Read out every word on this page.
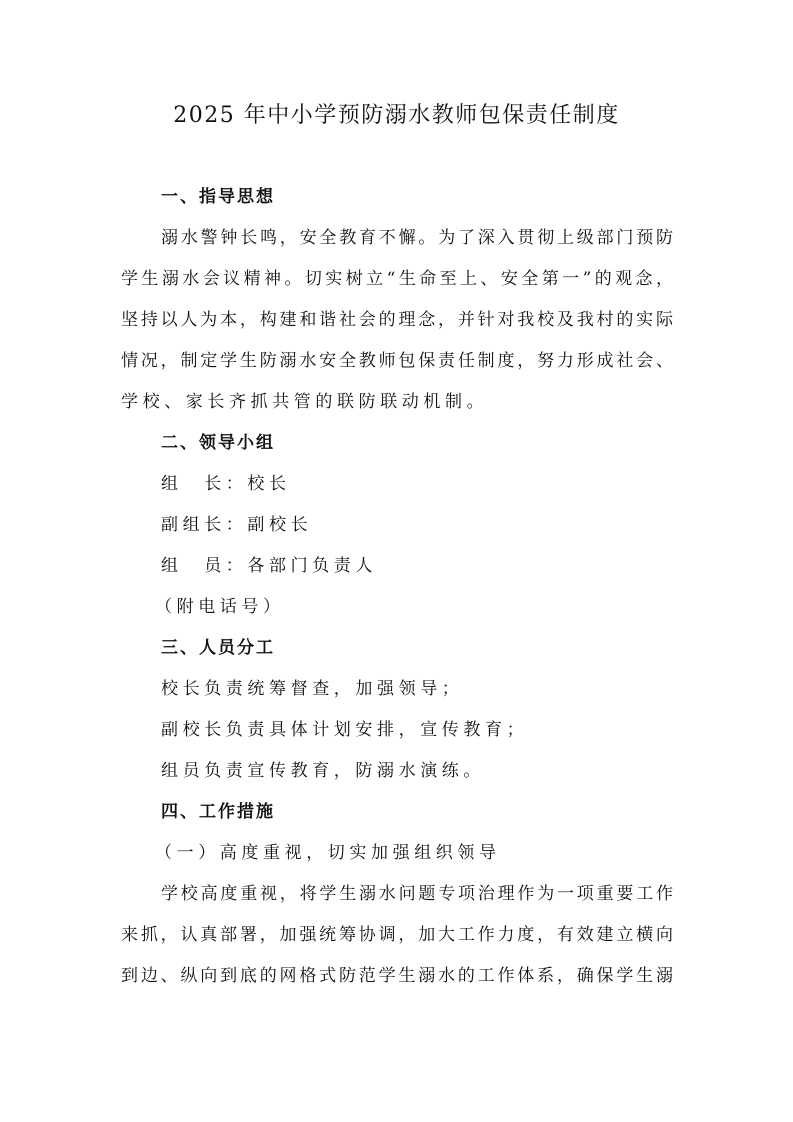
2025 年中小学预防溺水教师包保责任制度
一、指导思想
溺水警钟长鸣，安全教育不懈。为了深入贯彻上级部门预防
学生溺水会议精神。切实树立“生命至上、安全第一”的观念，
坚持以人为本，构建和谐社会的理念，并针对我校及我村的实际
情况，制定学生防溺水安全教师包保责任制度，努力形成社会、
学校、家长齐抓共管的联防联动机制。
二、领导小组
组　长：校长
副组长：副校长
组　员：各部门负责人
（附电话号）
三、人员分工
校长负责统筹督查，加强领导；
副校长负责具体计划安排，宣传教育；
组员负责宣传教育，防溺水演练。
四、工作措施
（一）高度重视，切实加强组织领导
学校高度重视，将学生溺水问题专项治理作为一项重要工作
来抓，认真部署，加强统筹协调，加大工作力度，有效建立横向
到边、纵向到底的网格式防范学生溺水的工作体系，确保学生溺
